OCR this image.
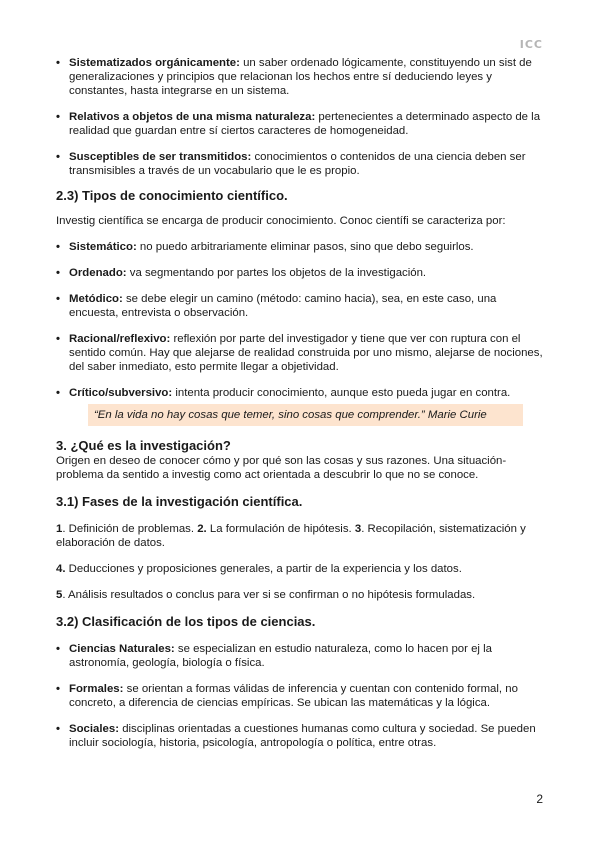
ICC
• Sistematizados orgánicamente: un saber ordenado lógicamente, constituyendo un sist de generalizaciones y principios que relacionan los hechos entre sí deduciendo leyes y constantes, hasta integrarse en un sistema.
• Relativos a objetos de una misma naturaleza: pertenecientes a determinado aspecto de la realidad que guardan entre sí ciertos caracteres de homogeneidad.
• Susceptibles de ser transmitidos: conocimientos o contenidos de una ciencia deben ser transmisibles a través de un vocabulario que le es propio.
2.3) Tipos de conocimiento científico.

Investig científica se encarga de producir conocimiento. Conoc científi se caracteriza por:

• Sistemático: no puedo arbitrariamente eliminar pasos, sino que debo seguirlos.
• Ordenado: va segmentando por partes los objetos de la investigación.
• Metódico: se debe elegir un camino (método: camino hacia), sea, en este caso, una encuesta, entrevista o observación.
• Racional/reflexivo: reflexión por parte del investigador y tiene que ver con ruptura con el sentido común. Hay que alejarse de realidad construida por uno mismo, alejarse de nociones, del saber inmediato, esto permite llegar a objetividad.
• Crítico/subversivo: intenta producir conocimiento, aunque esto pueda jugar en contra.
“En la vida no hay cosas que temer, sino cosas que comprender.” Marie Curie
3. ¿Qué es la investigación?

Origen en deseo de conocer cómo y por qué son las cosas y sus razones. Una situación-problema da sentido a investig como act orientada a descubrir lo que no se conoce.

3.1) Fases de la investigación científica.

1. Definición de problemas. 2. La formulación de hipótesis. 3. Recopilación, sistematización y elaboración de datos.

4. Deducciones y proposiciones generales, a partir de la experiencia y los datos.

5. Análisis resultados o conclus para ver si se confirman o no hipótesis formuladas.

3.2) Clasificación de los tipos de ciencias.
• Ciencias Naturales: se especializan en estudio naturaleza, como lo hacen por ej la astronomía, geología, biología o física.
• Formales: se orientan a formas válidas de inferencia y cuentan con contenido formal, no concreto, a diferencia de ciencias empíricas. Se ubican las matemáticas y la lógica.
• Sociales: disciplinas orientadas a cuestiones humanas como cultura y sociedad. Se pueden incluir sociología, historia, psicología, antropología o política, entre otras.
2
